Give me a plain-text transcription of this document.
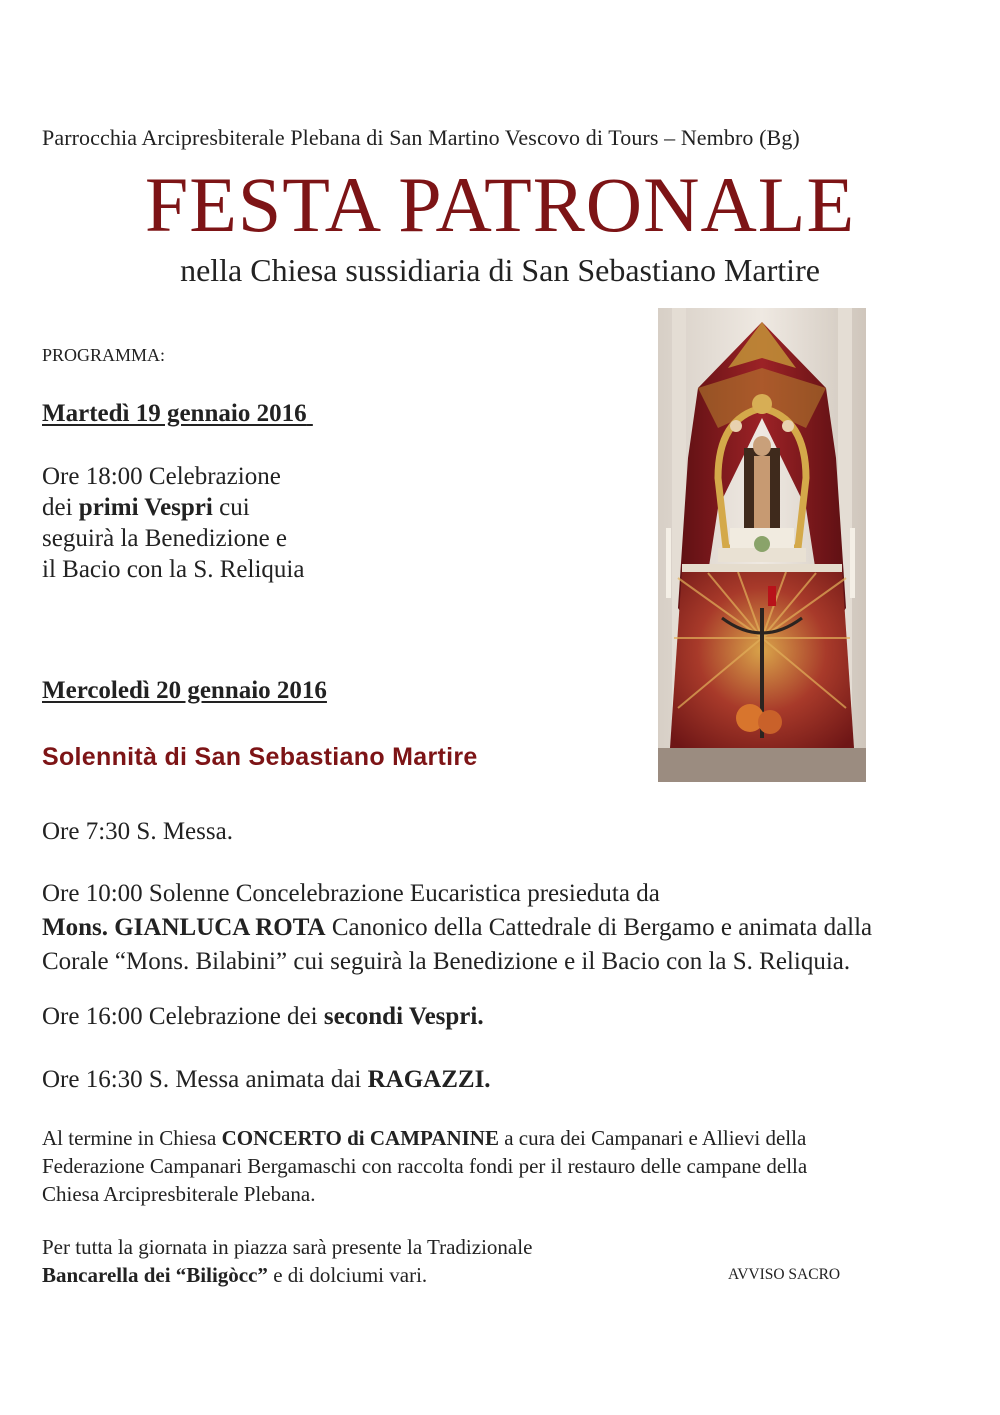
Parrocchia Arcipresbiterale Plebana di San Martino Vescovo di Tours – Nembro (Bg)
FESTA PATRONALE
nella Chiesa sussidiaria di San Sebastiano Martire
PROGRAMMA:
Martedì 19 gennaio 2016
Ore 18:00 Celebrazione
dei primi Vespri cui
seguirà la Benedizione e
il Bacio con la S. Reliquia
Mercoledì 20 gennaio 2016
Solennità di San Sebastiano Martire
Ore 7:30 S. Messa.
Ore 10:00 Solenne Concelebrazione Eucaristica presieduta da
Mons. GIANLUCA ROTA Canonico della Cattedrale di Bergamo e animata dalla
Corale “Mons. Bilabini” cui seguirà la Benedizione e il Bacio con la S. Reliquia.
Ore 16:00 Celebrazione dei secondi Vespri.
Ore 16:30 S. Messa animata dai RAGAZZI.
Al termine in Chiesa CONCERTO di CAMPANINE a cura dei Campanari e Allievi della
Federazione Campanari Bergamaschi con raccolta fondi per il restauro delle campane della
Chiesa Arcipresbiterale Plebana.
Per tutta la giornata in piazza sarà presente la Tradizionale
Bancarella dei “Biligòcc” e di dolciumi vari.	AVVISO SACRO
